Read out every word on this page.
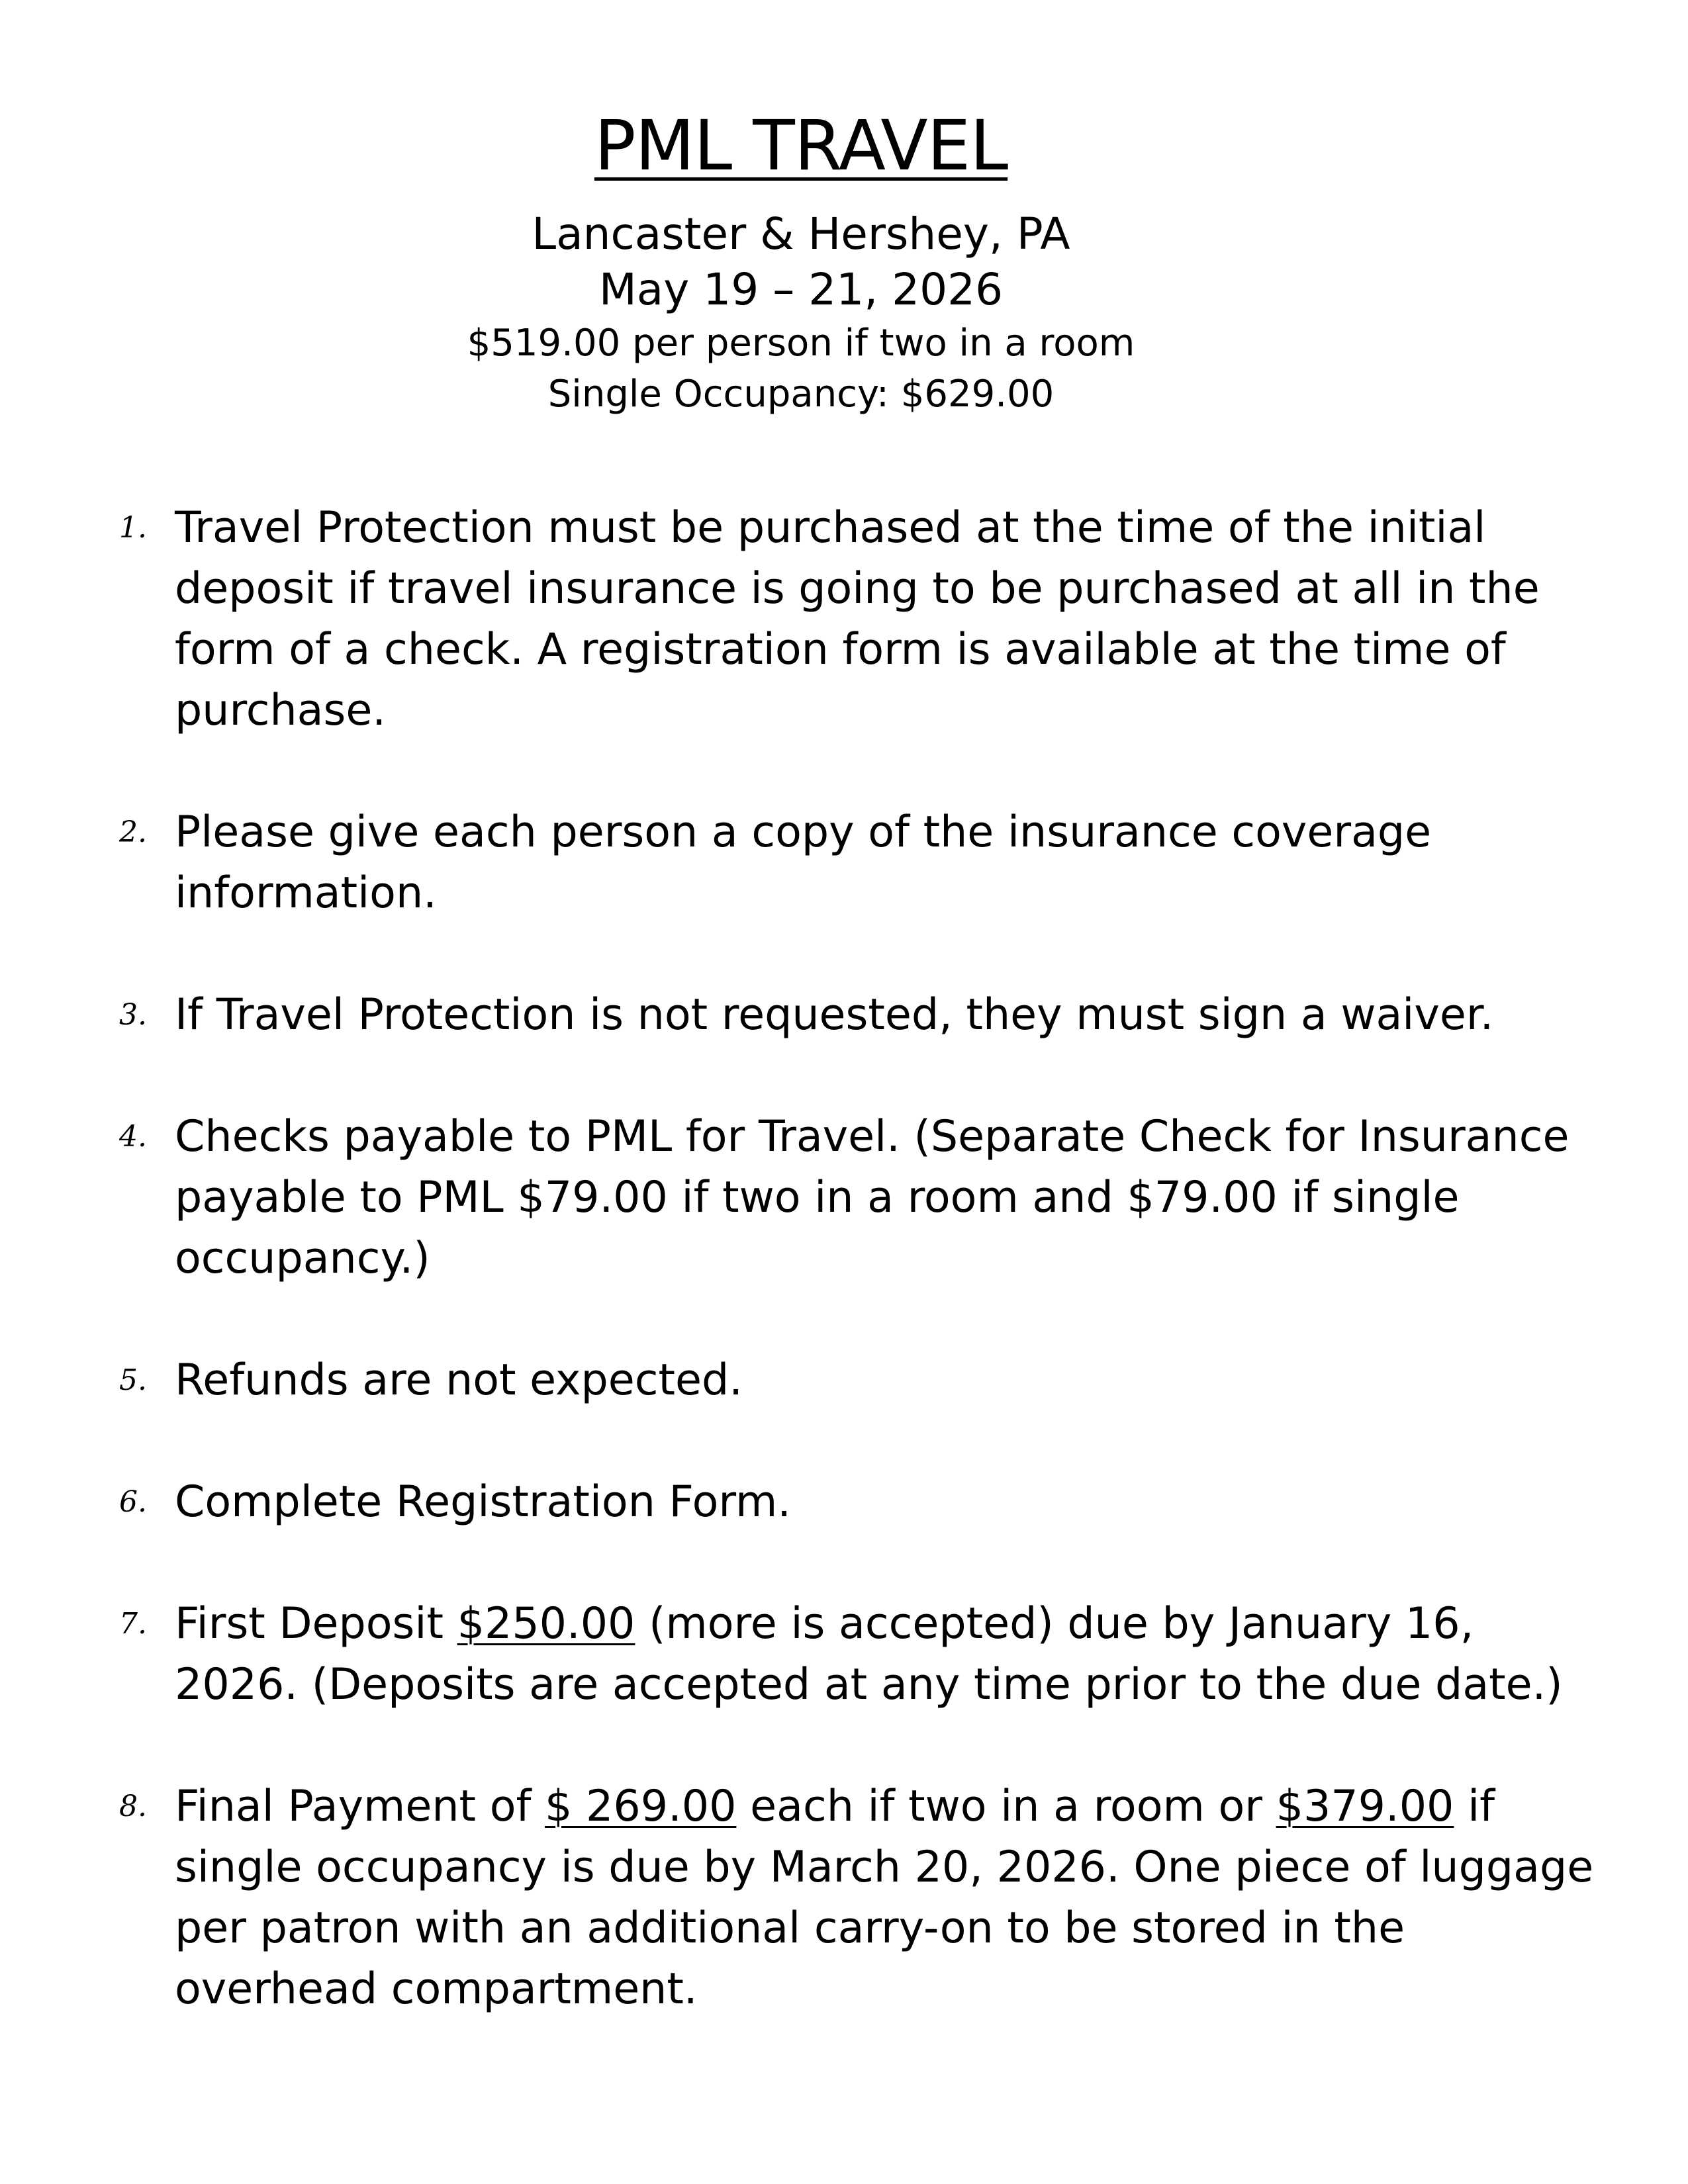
PML TRAVEL
Lancaster & Hershey, PA
May 19 – 21, 2026
$519.00 per person if two in a room
Single Occupancy: $629.00
1. Travel Protection must be purchased at the time of the initial deposit if travel insurance is going to be purchased at all in the form of a check. A registration form is available at the time of purchase.
2. Please give each person a copy of the insurance coverage information.
3. If Travel Protection is not requested, they must sign a waiver.
4. Checks payable to PML for Travel. (Separate Check for Insurance payable to PML $79.00 if two in a room and $79.00 if single occupancy.)
5. Refunds are not expected.
6. Complete Registration Form.
7. First Deposit $250.00 (more is accepted) due by January 16, 2026. (Deposits are accepted at any time prior to the due date.)
8. Final Payment of $ 269.00 each if two in a room or $379.00 if single occupancy is due by March 20, 2026. One piece of luggage per patron with an additional carry-on to be stored in the overhead compartment.
